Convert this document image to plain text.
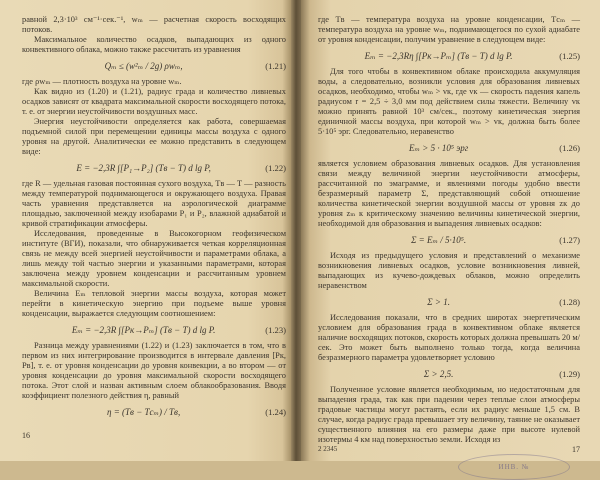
равной 2,3·10³ см⁻¹·сек.⁻¹, wₘ — расчетная скорость восходящих потоков.

Максимальное количество осадков, выпадающих из одного конвективного облака, можно также рассчитать из уравнения

Qₘ ≤ (w²ₘ / 2g) ρwₘ,	(1.21)

где ρwₘ — плотность воздуха на уровне wₘ.

Как видно из (1.20) и (1.21), радиус града и количество ливневых осадков зависят от квадрата максимальной скорости восходящего потока, т. е. от энергии неустойчивости воздушных масс.

Энергия неустойчивости определяется как работа, совершаемая подъемной силой при перемещении единицы массы воздуха с одного уровня на другой. Аналитически ее можно представить в следующем виде:

E = −2,3R ∫[P₁→P₂] (Tв − T) d lg P,	(1.22)

где R — удельная газовая постоянная сухого воздуха, Tв — T — разность между температурой поднимающегося и окружающего воздуха. Правая часть уравнения представляется на аэрологической диаграмме площадью, заключенной между изобарами P₁ и P₂, влажной адиабатой и кривой стратификации атмосферы.

Исследования, проведенные в Высокогорном геофизическом институте (ВГИ), показали, что обнаруживается четкая корреляционная связь не между всей энергией неустойчивости и параметрами облака, а лишь между той частью энергии и указанными параметрами, которая заключена между уровнем конденсации и рассчитанным уровнем максимальной скорости.

Величина Eₘ тепловой энергии массы воздуха, которая может перейти в кинетическую энергию при подъеме выше уровня конденсации, выражается следующим соотношением:

Eₘ = −2,3R ∫[Pк→Pₘ] (Tв − T) d lg P.	(1.23)

Разница между уравнениями (1.22) и (1.23) заключается в том, что в первом из них интегрирование производится в интервале давления [Pк, Pв], т. е. от уровня конденсации до уровня конвекции, а во втором — от уровня конденсации до уровня максимальной скорости восходящего потока. Этот слой и назван активным слоем облакообразования. Вводя коэффициент полезного действия η, равный

η = (Tв − Tсₘ) / Tв,	(1.24)
16

где Tв — температура воздуха на уровне конденсации, Tсₘ — температура воздуха на уровне wₘ, поднимающегося по сухой адиабате от уровня конденсации, получим уравнение в следующем виде:

Eₘ = −2,3Rη ∫[Pк→Pₘ] (Tв − T) d lg P.	(1.25)

Для того чтобы в конвективном облаке происходила аккумуляция воды, а следовательно, возникли условия для образования ливневых осадков, необходимо, чтобы wₘ > vк, где vк — скорость падения капель радиусом r = 2,5 ÷ 3,0 мм под действием силы тяжести. Величину vк можно принять равной 10³ см/сек., поэтому кинетическая энергия единичной массы воздуха, при которой wₘ > vк, должна быть более 5·10⁵ эрг. Следовательно, неравенство

Eₘ > 5 · 10⁵ эрг	(1.26)

является условием образования ливневых осадков. Для установления связи между величиной энергии неустойчивости атмосферы, рассчитанной по эмаграмме, и явлениями погоды удобно ввести безразмерный параметр Σ, представляющий собой отношение количества кинетической энергии воздушной массы от уровня zк до уровня zₘ к критическому значению величины кинетической энергии, необходимой для образования и выпадения ливневых осадков:

Σ = Eₘ / 5·10⁵.	(1.27)

Исходя из предыдущего условия и представлений о механизме возникновения ливневых осадков, условие возникновения ливней, выпадающих из кучево-дождевых облаков, можно определить неравенством

Σ > 1.	(1.28)

Исследования показали, что в средних широтах энергетическим условием для образования града в конвективном облаке является наличие восходящих потоков, скорость которых должна превышать 20 м/сек. Это может быть выполнено только тогда, когда величина безразмерного параметра удовлетворяет условию

Σ > 2,5.	(1.29)

Полученное условие является необходимым, но недостаточным для выпадения града, так как при падении через теплые слои атмосферы градовые частицы могут растаять, если их радиус меньше 1,5 см. В случае, когда радиус града превышает эту величину, таяние не оказывает существенного влияния на его размеры даже при высоте нулевой изотермы 4 км над поверхностью земли. Исходя из

2 2345
ИНВ. №
17
